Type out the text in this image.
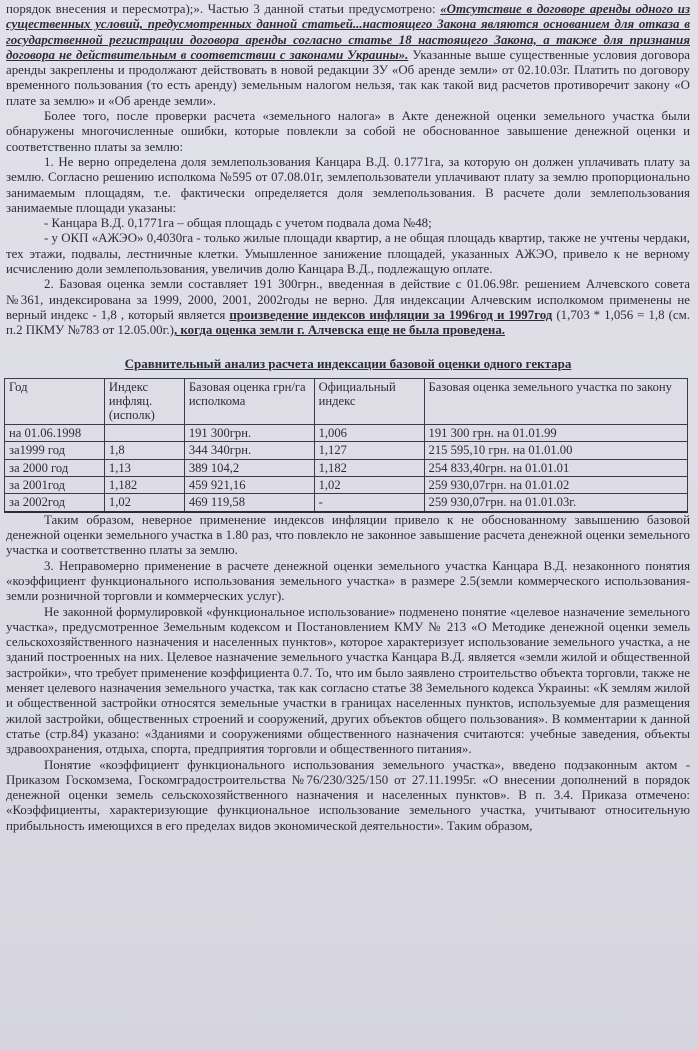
порядок внесения и пересмотра);». Частью 3 данной статьи предусмотрено: «Отсутствие в договоре аренды одного из существенных условий, предусмотренных данной статьей...настоящего Закона являются основанием для отказа в государственной регистрации договора аренды согласно статье 18 настоящего Закона, а также для признания договора не действительным в соответствии с законами Украины». Указанные выше существенные условия договора аренды закреплены и продолжают действовать в новой редакции ЗУ «Об аренде земли» от 02.10.03г. Платить по договору временного пользования (то есть аренду) земельным налогом нельзя, так как такой вид расчетов противоречит закону «О плате за землю» и «Об аренде земли».

Более того, после проверки расчета «земельного налога» в Акте денежной оценки земельного участка были обнаружены многочисленные ошибки, которые повлекли за собой не обоснованное завышение денежной оценки и соответственно платы за землю:

1. Не верно определена доля землепользования Канцара В.Д. 0.1771га, за которую он должен уплачивать плату за землю. Согласно решению исполкома №595 от 07.08.01г, землепользователи уплачивают плату за землю пропорционально занимаемым площадям, т.е. фактически определяется доля землепользования. В расчете доли землепользования занимаемые площади указаны:

- Канцара В.Д. 0,1771га – общая площадь с учетом подвала дома №48;

- у ОКП «АЖЭО» 0,4030га - только жилые площади квартир, а не общая площадь квартир, также не учтены чердаки, тех этажи, подвалы, лестничные клетки. Умышленное занижение площадей, указанных АЖЭО, привело к не верному исчислению доли землепользования, увеличив долю Канцара В.Д., подлежащую оплате.

2. Базовая оценка земли составляет 191 300грн., введенная в действие с 01.06.98г. решением Алчевского совета №361, индексирована за 1999, 2000, 2001, 2002годы не верно. Для индексации Алчевским исполкомом применены не верный индекс - 1,8 , который является произведение индексов инфляции за 1996год и 1997год (1,703 * 1,056 = 1,8 (см. п.2 ПКМУ №783 от 12.05.00г.), когда оценка земли г. Алчевска еще не была проведена.

Сравнительный анализ расчета индексации базовой оценки одного гектара
Год	Индекс инфляц. (исполк)	Базовая оценка грн/га исполкома	Официальный индекс	Базовая оценка земельного участка по закону
на 01.06.1998		191 300грн.	1,006	191 300 грн. на 01.01.99
за1999 год	1,8	344 340грн.	1,127	215 595,10 грн. на 01.01.00
за 2000 год	1,13	389 104,2	1,182	254 833,40грн. на 01.01.01
за 2001год	1,182	459 921,16	1,02	259 930,07грн. на 01.01.02
за 2002год	1,02	469 119,58	-	259 930,07грн. на 01.01.03г.

Таким образом, неверное применение индексов инфляции привело к не обоснованному завышению базовой денежной оценки земельного участка в 1.80 раз, что повлекло не законное завышение расчета денежной оценки земельного участка и соответственно платы за землю.

3. Неправомерно применение в расчете денежной оценки земельного участка Канцара В.Д. незаконного понятия «коэффициент функционального использования земельного участка» в размере 2.5(земли коммерческого использования-земли розничной торговли и коммерческих услуг).

Не законной формулировкой «функциональное использование» подменено понятие «целевое назначение земельного участка», предусмотренное Земельным кодексом и Постановлением КМУ № 213 «О Методике денежной оценки земель сельскохозяйственного назначения и населенных пунктов», которое характеризует использование земельного участка, а не зданий построенных на них. Целевое назначение земельного участка Канцара В.Д. является «земли жилой и общественной застройки», что требует применение коэффициента 0.7. То, что им было заявлено строительство объекта торговли, также не меняет целевого назначения земельного участка, так как согласно статье 38 Земельного кодекса Украины: «К землям жилой и общественной застройки относятся земельные участки в границах населенных пунктов, используемые для размещения жилой застройки, общественных строений и сооружений, других объектов общего пользования». В комментарии к данной статье (стр.84) указано: «Зданиями и сооружениями общественного назначения считаются: учебные заведения, объекты здравоохранения, отдыха, спорта, предприятия торговли и общественного питания».

Понятие «коэффициент функционального использования земельного участка», введено подзаконным актом - Приказом Госкомзема, Госкомградостроительства №76/230/325/150 от 27.11.1995г. «О внесении дополнений в порядок денежной оценки земель сельскохозяйственного назначения и населенных пунктов». В п. 3.4. Приказа отмечено: «Коэффициенты, характеризующие функциональное использование земельного участка, учитывают относительную прибыльность имеющихся в его пределах видов экономической деятельности». Таким образом,
